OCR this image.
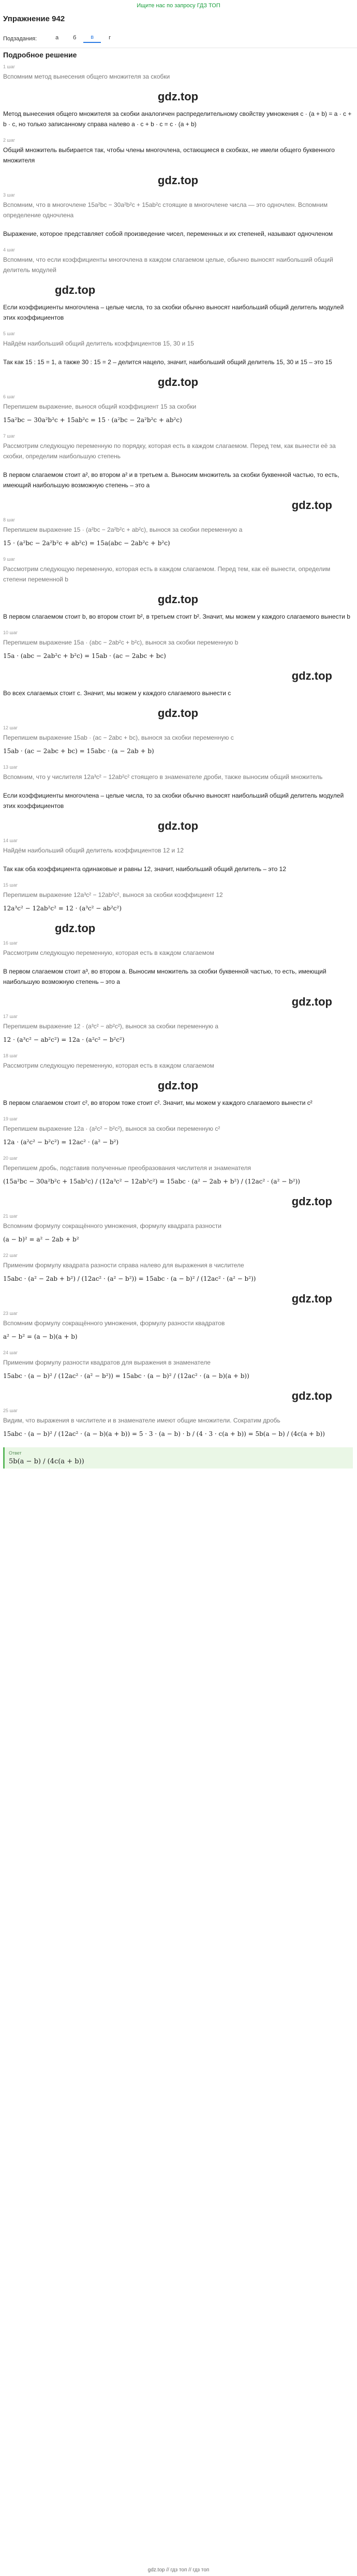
Ищите нас по запросу ГДЗ ТОП
Упражнение 942
Подзадания:	а	б	в	г
Подробное решение
1 шаг
Вспомним метод вынесения общего множителя за скобки
gdz.top
Метод вынесения общего множителя за скобки аналогичен распределительному свойству умножения c · (a + b) = a · c + b · c, но только записанному справа налево a · c + b · c = c · (a + b)
2 шаг
Общий множитель выбирается так, чтобы члены многочлена, остающиеся в скобках, не имели общего буквенного множителя
gdz.top
3 шаг
Вспомним, что в многочлене 15a²bc − 30a²b²c + 15ab²c стоящие в многочлене числа — это одночлен. Вспомним определение одночлена
Выражение, которое представляет собой произведение чисел, переменных и их степеней, называют одночленом
4 шаг
Вспомним, что если коэффициенты многочлена в каждом слагаемом целые, обычно выносят наибольший общий делитель модулей
gdz.top
Если коэффициенты многочлена – целые числа, то за скобки обычно выносят наибольший общий делитель модулей этих коэффициентов
5 шаг
Найдём наибольший общий делитель коэффициентов 15, 30 и 15
Так как 15 : 15 = 1, а также 30 : 15 = 2 – делится нацело, значит, наибольший общий делитель 15, 30 и 15 – это 15
gdz.top
6 шаг
Перепишем выражение, вынося общий коэффициент 15 за скобки
15a²bc − 30a²b²c + 15ab²c = 15 · (a²bc − 2a²b²c + ab²c)
7 шаг
Рассмотрим следующую переменную по порядку, которая есть в каждом слагаемом. Перед тем, как вынести её за скобки, определим наибольшую степень
В первом слагаемом стоит a², во втором a² и в третьем a. Выносим множитель за скобки буквенной частью, то есть, имеющий наибольшую возможную степень – это a
gdz.top
8 шаг
Перепишем выражение 15 · (a²bc − 2a²b²c + ab²c), вынося за скобки переменную a
15 · (a²bc − 2a²b²c + ab²c) = 15a(abc − 2ab²c + b²c)
9 шаг
Рассмотрим следующую переменную, которая есть в каждом слагаемом. Перед тем, как её вынести, определим степени переменной b
gdz.top
В первом слагаемом стоит b, во втором стоит b², в третьем стоит b². Значит, мы можем у каждого слагаемого вынести b
10 шаг
Перепишем выражение 15a · (abc − 2ab²c + b²c), вынося за скобки переменную b
15a · (abc − 2ab²c + b²c) = 15ab · (ac − 2abc + bc)
gdz.top
Во всех слагаемых стоит c. Значит, мы можем у каждого слагаемого вынести c
gdz.top
12 шаг
Перепишем выражение 15ab · (ac − 2abc + bc), вынося за скобки переменную c
15ab · (ac − 2abc + bc) = 15abc · (a − 2ab + b)
13 шаг
Вспомним, что у числителя 12a³c² − 12ab²c² стоящего в знаменателе дроби, также выносим общий множитель
Если коэффициенты многочлена – целые числа, то за скобки обычно выносят наибольший общий делитель модулей этих коэффициентов
gdz.top
14 шаг
Найдём наибольший общий делитель коэффициентов 12 и 12
Так как оба коэффициента одинаковые и равны 12, значит, наибольший общий делитель – это 12
15 шаг
Перепишем выражение 12a³c² − 12ab²c², вынося за скобки коэффициент 12
12a³c² − 12ab²c² = 12 · (a³c² − ab²c²)
gdz.top
16 шаг
Рассмотрим следующую переменную, которая есть в каждом слагаемом
В первом слагаемом стоит a³, во втором a. Выносим множитель за скобки буквенной частью, то есть, имеющий наибольшую возможную степень – это a
gdz.top
17 шаг
Перепишем выражение 12 · (a³c² − ab²c²), вынося за скобки переменную a
12 · (a³c² − ab²c²) = 12a · (a²c² − b²c²)
18 шаг
Рассмотрим следующую переменную, которая есть в каждом слагаемом
gdz.top
В первом слагаемом стоит c², во втором тоже стоит c². Значит, мы можем у каждого слагаемого вынести c²
19 шаг
Перепишем выражение 12a · (a²c² − b²c²), вынося за скобки переменную c²
12a · (a²c² − b²c²) = 12ac² · (a² − b²)
20 шаг
Перепишем дробь, подставив полученные преобразования числителя и знаменателя
(15a²bc − 30a²b²c + 15ab²c) / (12a³c² − 12ab²c²) = 15abc · (a² − 2ab + b²) / (12ac² · (a² − b²))
gdz.top
21 шаг
Вспомним формулу сокращённого умножения, формулу квадрата разности
(a − b)² = a² − 2ab + b²
22 шаг
Применим формулу квадрата разности справа налево для выражения в числителе
15abc · (a² − 2ab + b²) / (12ac² · (a² − b²)) = 15abc · (a − b)² / (12ac² · (a² − b²))
gdz.top
23 шаг
Вспомним формулу сокращённого умножения, формулу разности квадратов
a² − b² = (a − b)(a + b)
24 шаг
Применим формулу разности квадратов для выражения в знаменателе
15abc · (a − b)² / (12ac² · (a² − b²)) = 15abc · (a − b)² / (12ac² · (a − b)(a + b))
gdz.top
25 шаг
Видим, что выражения в числителе и в знаменателе имеют общие множители. Сократим дробь
15abc · (a − b)² / (12ac² · (a − b)(a + b)) = 5 · 3 · (a − b) · b / (4 · 3 · c(a + b)) = 5b(a − b) / (4c(a + b))
Ответ
5b(a − b) / (4c(a + b))
gdz.top // гдз топ // гдз топ
